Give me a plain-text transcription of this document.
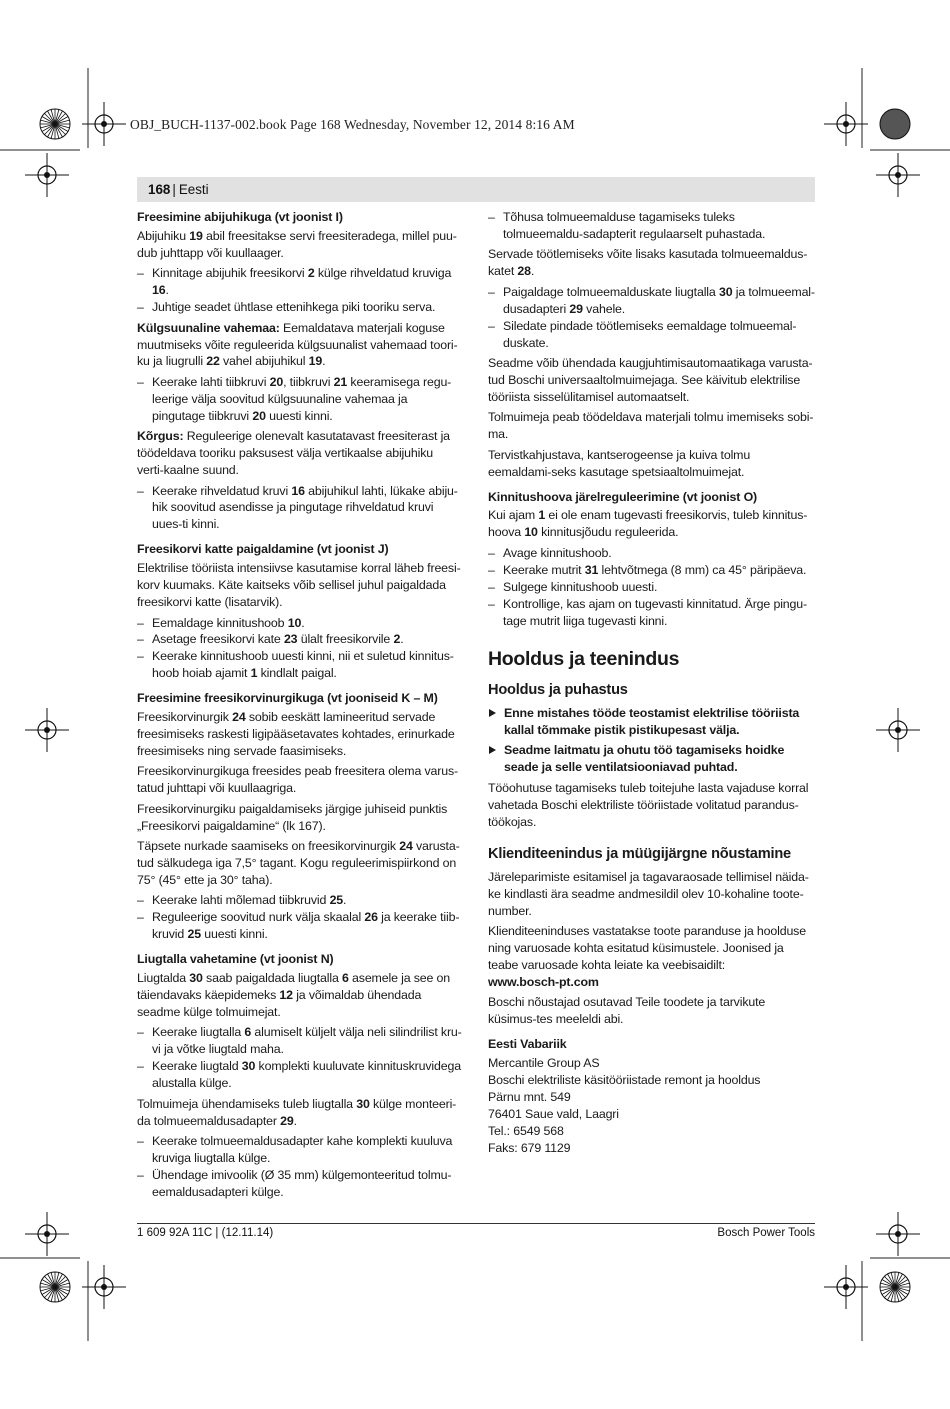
OBJ_BUCH-1137-002.book Page 168 Wednesday, November 12, 2014 8:16 AM
168 | Eesti

Freesimine abijuhikuga (vt joonist I)

Abijuhiku 19 abil freesitakse servi freesiteradega, millel puu-dub juhttapp või kuullaager.

– Kinnitage abijuhik freesikorvi 2 külge rihveldatud kruviga 16.
– Juhtige seadet ühtlase ettenihkega piki tooriku serva.

Külgsuunaline vahemaa: Eemaldatava materjali koguse muutmiseks võite reguleerida külgsuunalist vahemaad toori-ku ja liugrulli 22 vahel abijuhikul 19.

– Keerake lahti tiibkruvi 20, tiibkruvi 21 keeramisega regu-leerige välja soovitud külgsuunaline vahemaa ja pingutage tiibkruvi 20 uuesti kinni.

Kõrgus: Reguleerige olenevalt kasutatavast freesiterast ja töödeldava tooriku paksusest välja vertikaalse abijuhiku verti-kaalne suund.

– Keerake rihveldatud kruvi 16 abijuhikul lahti, lükake abiju-hik soovitud asendisse ja pingutage rihveldatud kruvi uues-ti kinni.

Freesikorvi katte paigaldamine (vt joonist J)

Elektrilise tööriista intensiivse kasutamise korral läheb freesi-korv kuumaks. Käte kaitseks võib sellisel juhul paigaldada freesikorvi katte (lisatarvik).

– Eemaldage kinnitushoob 10.
– Asetage freesikorvi kate 23 ülalt freesikorvile 2.
– Keerake kinnitushoob uuesti kinni, nii et suletud kinnitus-hoob hoiab ajamit 1 kindlalt paigal.

Freesimine freesikorvinurgikuga (vt jooniseid K – M)

Freesikorvinurgik 24 sobib eeskätt lamineeritud servade freesimiseks raskesti ligipääsetavates kohtades, erinurkade freesimiseks ning servade faasimiseks.

Freesikorvinurgikuga freesides peab freesitera olema varus-tatud juhttapi või kuullaagriga.

Freesikorvinurgiku paigaldamiseks järgige juhiseid punktis „Freesikorvi paigaldamine“ (lk 167).

Täpsete nurkade saamiseks on freesikorvinurgik 24 varusta-tud sälkudega iga 7,5° tagant. Kogu reguleerimispiirkond on 75° (45° ette ja 30° taha).

– Keerake lahti mõlemad tiibkruvid 25.
– Reguleerige soovitud nurk välja skaalal 26 ja keerake tiib-kruvid 25 uuesti kinni.

Liugtalla vahetamine (vt joonist N)

Liugtalda 30 saab paigaldada liugtalla 6 asemele ja see on täiendavaks käepidemeks 12 ja võimaldab ühendada seadme külge tolmuimejat.

– Keerake liugtalla 6 alumiselt küljelt välja neli silindrilist kru-vi ja võtke liugtald maha.
– Keerake liugtald 30 komplekti kuuluvate kinnituskruvidega alustalla külge.

Tolmuimeja ühendamiseks tuleb liugtalla 30 külge monteeri-da tolmueemaldusadapter 29.

– Keerake tolmueemaldusadapter kahe komplekti kuuluva kruviga liugtalla külge.
– Ühendage imivoolik (Ø 35 mm) külgemonteeritud tolmu-eemaldusadapteri külge.
– Tõhusa tolmueemalduse tagamiseks tuleks tolmueemaldu-sadapterit regulaarselt puhastada.

Servade töötlemiseks võite lisaks kasutada tolmueemaldus-katet 28.

– Paigaldage tolmueemalduskate liugtalla 30 ja tolmueemal-dusadapteri 29 vahele.
– Siledate pindade töötlemiseks eemaldage tolmueemal-duskate.

Seadme võib ühendada kaugjuhtimisautomaatikaga varusta-tud Boschi universaaltolmuimejaga. See käivitub elektrilise tööriista sisselülitamisel automaatselt.

Tolmuimeja peab töödeldava materjali tolmu imemiseks sobi-ma.

Tervistkahjustava, kantserogeense ja kuiva tolmu eemaldami-seks kasutage spetsiaaltolmuimejat.

Kinnitushoova järelreguleerimine (vt joonist O)

Kui ajam 1 ei ole enam tugevasti freesikorvis, tuleb kinnitus-hoova 10 kinnitusjõudu reguleerida.

– Avage kinnitushoob.
– Keerake mutrit 31 lehtvõtmega (8 mm) ca 45° päripäeva.
– Sulgege kinnitushoob uuesti.
– Kontrollige, kas ajam on tugevasti kinnitatud. Ärge pingu-tage mutrit liiga tugevasti kinni.
Hooldus ja teenindus
Hooldus ja puhastus
Enne mistahes tööde teostamist elektrilise tööriista kallal tõmmake pistik pistikupesast välja.
Seadme laitmatu ja ohutu töö tagamiseks hoidke seade ja selle ventilatsiooniavad puhtad.

Tööohutuse tagamiseks tuleb toitejuhe lasta vajaduse korral vahetada Boschi elektriliste tööriistade volitatud parandus-töökojas.

Klienditeenindus ja müügijärgne nõustamine

Järeleparimiste esitamisel ja tagavaraosade tellimisel näida-ke kindlasti ära seadme andmesildil olev 10-kohaline toote-number.

Klienditeeninduses vastatakse toote paranduse ja hoolduse ning varuosade kohta esitatud küsimustele. Joonised ja teabe varuosade kohta leiate ka veebisaidilt:
www.bosch-pt.com

Boschi nõustajad osutavad Teile toodete ja tarvikute küsimus-tes meeleldi abi.

Eesti Vabariik

Mercantile Group AS

Boschi elektriliste käsitööriistade remont ja hooldus

Pärnu mnt. 549

76401 Saue vald, Laagri

Tel.: 6549 568

Faks: 679 1129

1 609 92A 11C | (12.11.14)	Bosch Power Tools
